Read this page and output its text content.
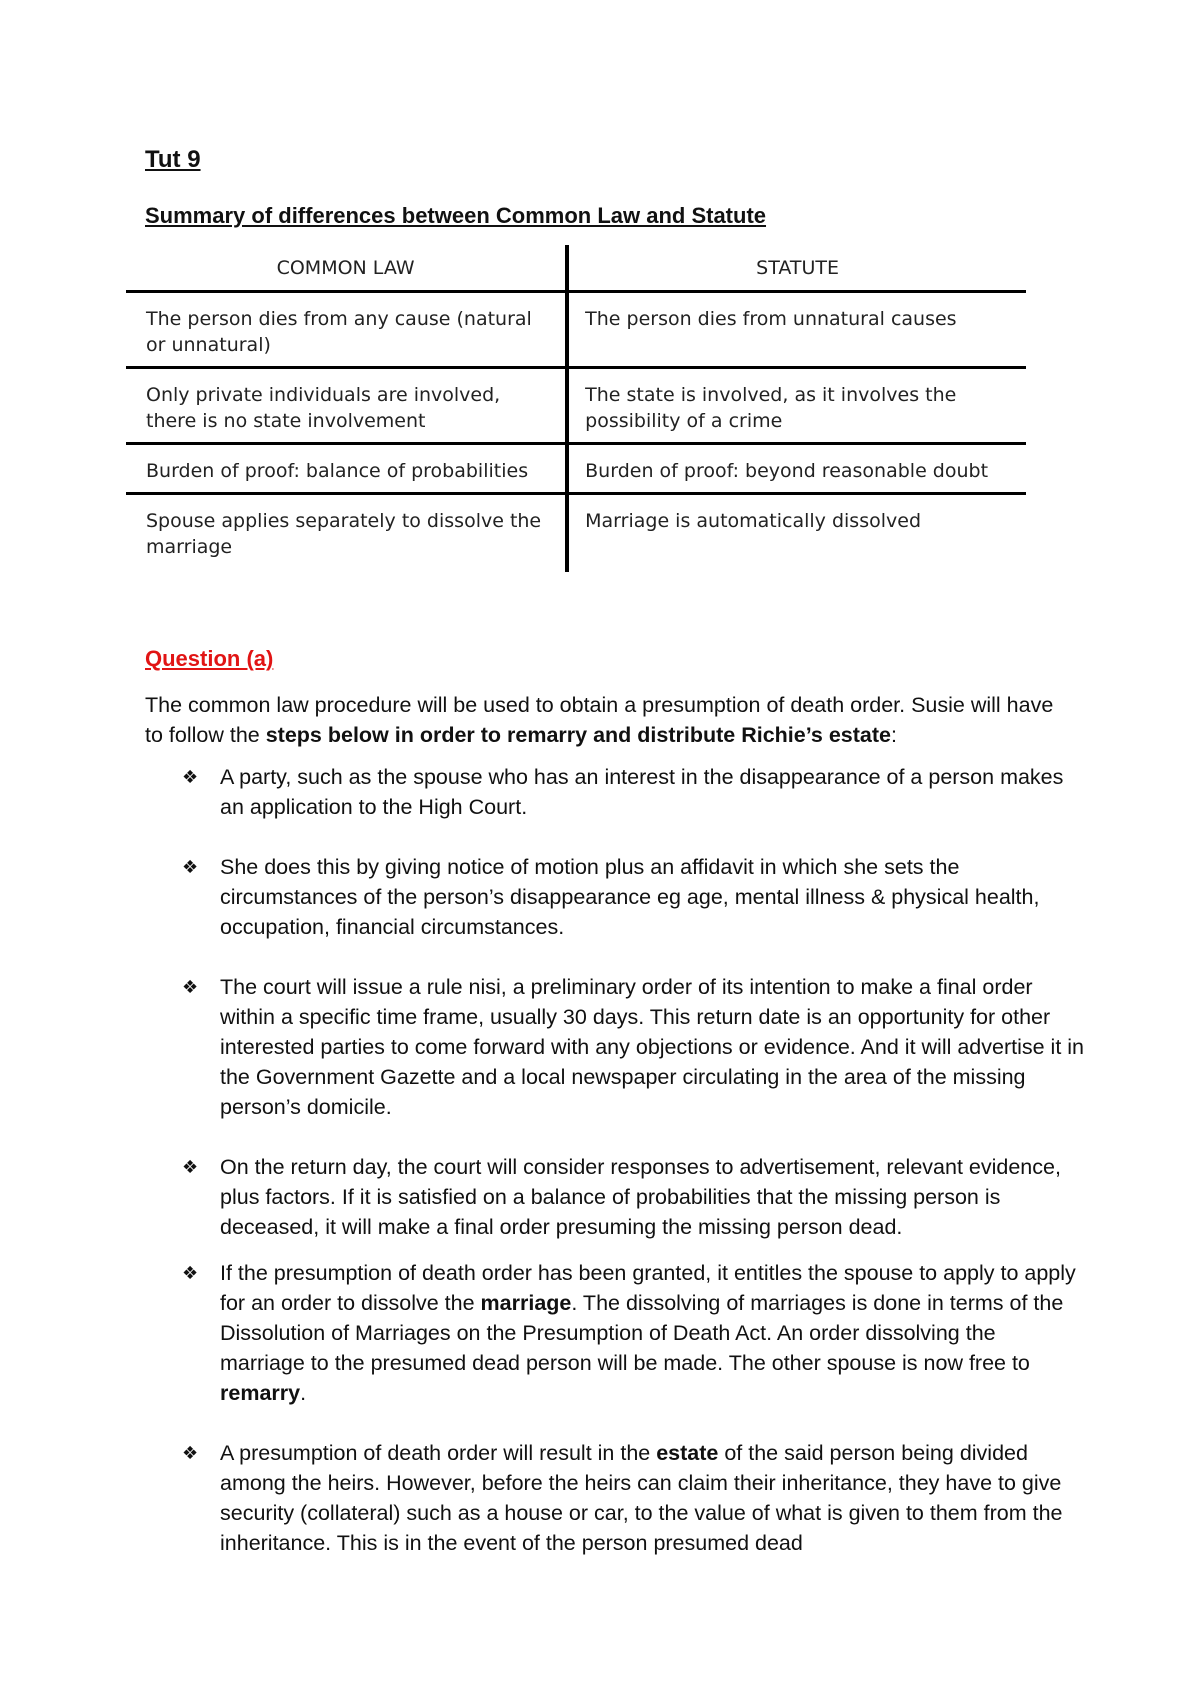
Tut 9
Summary of differences between Common Law and Statute
COMMON LAW	STATUTE
The person dies from any cause (natural or unnatural)	The person dies from unnatural causes
Only private individuals are involved, there is no state involvement	The state is involved, as it involves the possibility of a crime
Burden of proof: balance of probabilities	Burden of proof: beyond reasonable doubt
Spouse applies separately to dissolve the marriage	Marriage is automatically dissolved
Question (a)
The common law procedure will be used to obtain a presumption of death order. Susie will have to follow the steps below in order to remarry and distribute Richie’s estate:
❖ A party, such as the spouse who has an interest in the disappearance of a person makes an application to the High Court.
❖ She does this by giving notice of motion plus an affidavit in which she sets the circumstances of the person’s disappearance eg age, mental illness & physical health, occupation, financial circumstances.
❖ The court will issue a rule nisi, a preliminary order of its intention to make a final order within a specific time frame, usually 30 days. This return date is an opportunity for other interested parties to come forward with any objections or evidence. And it will advertise it in the Government Gazette and a local newspaper circulating in the area of the missing person’s domicile.
❖ On the return day, the court will consider responses to advertisement, relevant evidence, plus factors. If it is satisfied on a balance of probabilities that the missing person is deceased, it will make a final order presuming the missing person dead.
❖ If the presumption of death order has been granted, it entitles the spouse to apply to apply for an order to dissolve the marriage. The dissolving of marriages is done in terms of the Dissolution of Marriages on the Presumption of Death Act. An order dissolving the marriage to the presumed dead person will be made. The other spouse is now free to remarry.
❖ A presumption of death order will result in the estate of the said person being divided among the heirs. However, before the heirs can claim their inheritance, they have to give security (collateral) such as a house or car, to the value of what is given to them from the inheritance. This is in the event of the person presumed dead
